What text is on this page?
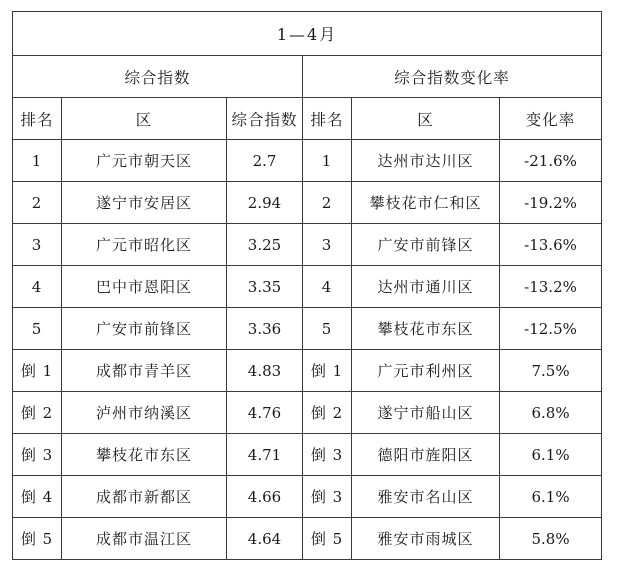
1—4月					
综合指数			综合指数变化率		
排名	区	综合指数	排名	区	变化率
1	广元市朝天区	2.7	1	达州市达川区	-21.6%
2	遂宁市安居区	2.94	2	攀枝花市仁和区	-19.2%
3	广元市昭化区	3.25	3	广安市前锋区	-13.6%
4	巴中市恩阳区	3.35	4	达州市通川区	-13.2%
5	广安市前锋区	3.36	5	攀枝花市东区	-12.5%
倒 1	成都市青羊区	4.83	倒 1	广元市利州区	7.5%
倒 2	泸州市纳溪区	4.76	倒 2	遂宁市船山区	6.8%
倒 3	攀枝花市东区	4.71	倒 3	德阳市旌阳区	6.1%
倒 4	成都市新都区	4.66	倒 3	雅安市名山区	6.1%
倒 5	成都市温江区	4.64	倒 5	雅安市雨城区	5.8%
